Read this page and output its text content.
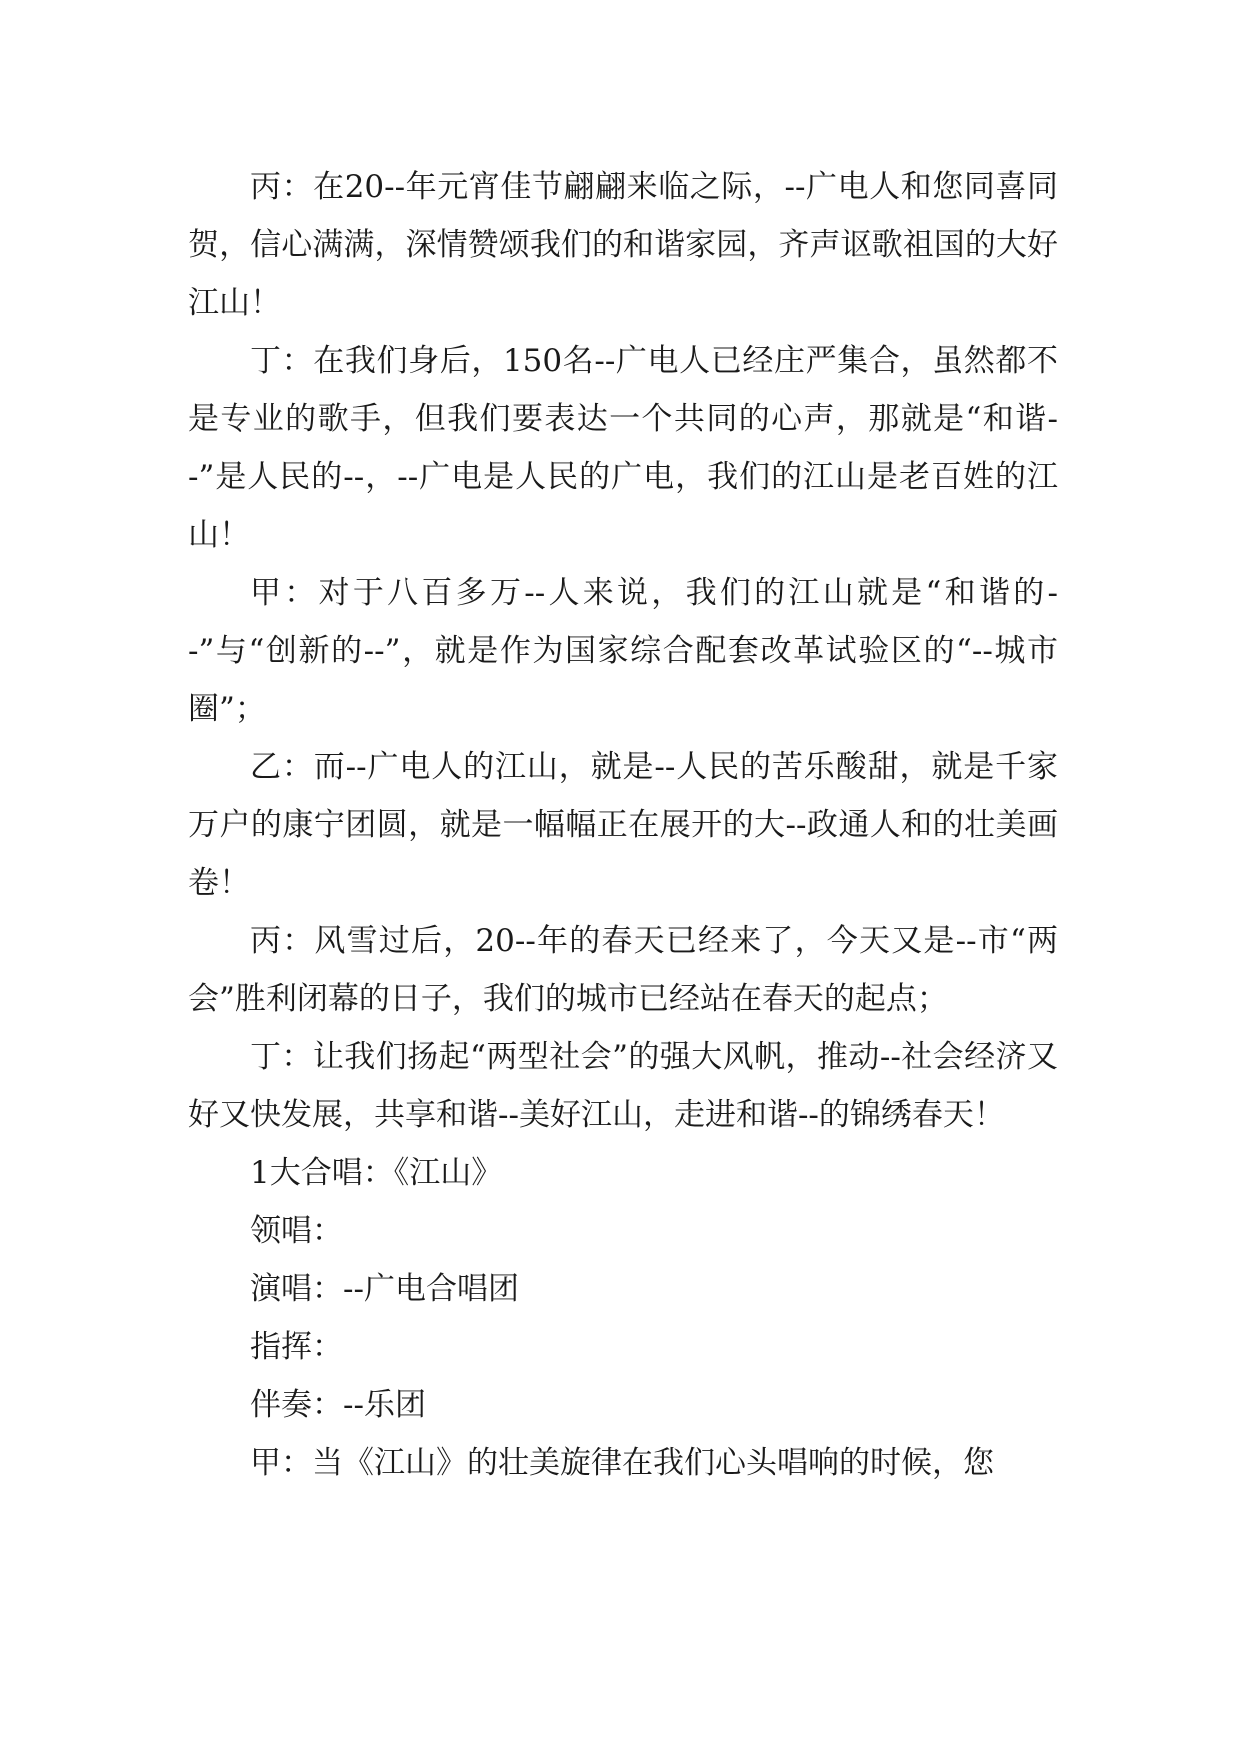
丙：在20--年元宵佳节翩翩来临之际，--广电人和您同喜同贺，信心满满，深情赞颂我们的和谐家园，齐声讴歌祖国的大好江山！

丁：在我们身后，150名--广电人已经庄严集合，虽然都不是专业的歌手，但我们要表达一个共同的心声，那就是“和谐--”是人民的--，--广电是人民的广电，我们的江山是老百姓的江山！

甲：对于八百多万--人来说，我们的江山就是“和谐的--”与“创新的--”，就是作为国家综合配套改革试验区的“--城市圈”；

乙：而--广电人的江山，就是--人民的苦乐酸甜，就是千家万户的康宁团圆，就是一幅幅正在展开的大--政通人和的壮美画卷！

丙：风雪过后，20--年的春天已经来了，今天又是--市“两会”胜利闭幕的日子，我们的城市已经站在春天的起点；

丁：让我们扬起“两型社会”的强大风帆，推动--社会经济又好又快发展，共享和谐--美好江山，走进和谐--的锦绣春天！

1大合唱：《江山》

领唱：

演唱：--广电合唱团

指挥：

伴奏：--乐团

甲：当《江山》的壮美旋律在我们心头唱响的时候，您
